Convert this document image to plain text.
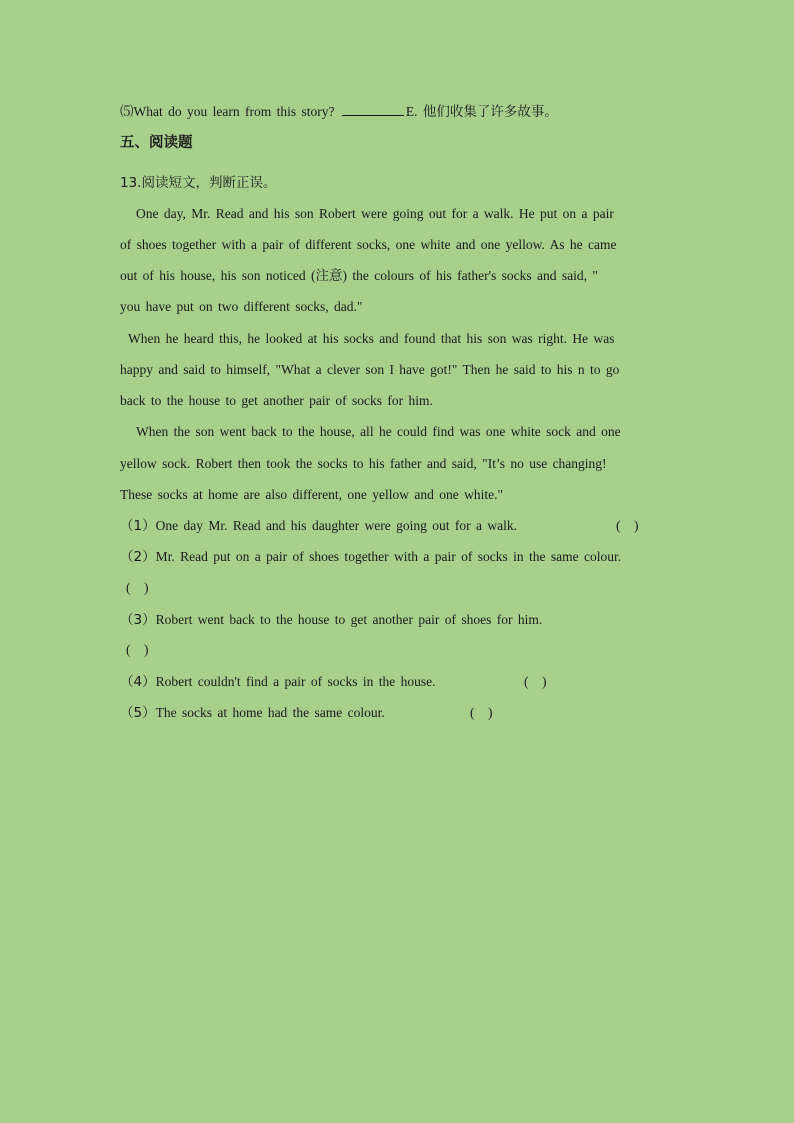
⑸What do you learn from this story?	E. 他们收集了许多故事。
五、阅读题
13.阅读短文，判断正误。
One day, Mr. Read and his son Robert were going out for a walk. He put on a pair
of shoes together with a pair of different socks, one white and one yellow. As he came
out of his house, his son noticed (注意) the colours of his father's socks and said, "
you have put on two different socks, dad."
When he heard this, he looked at his socks and found that his son was right. He was
happy and said to himself, "What a clever son I have got!" Then he said to his n to go
back to the house to get another pair of socks for him.
When the son went back to the house, all he could find was one white sock and one
yellow sock. Robert then took the socks to his father and said, "It’s no use changing!
These socks at home are also different, one yellow and one white."
（1）One day Mr. Read and his daughter were going out for a walk.	(　)
（2）Mr. Read put on a pair of shoes together with a pair of socks in the same colour.
(　)
（3）Robert went back to the house to get another pair of shoes for him.
(　)
（4）Robert couldn't find a pair of socks in the house.	(　)
（5）The socks at home had the same colour.	(　)
